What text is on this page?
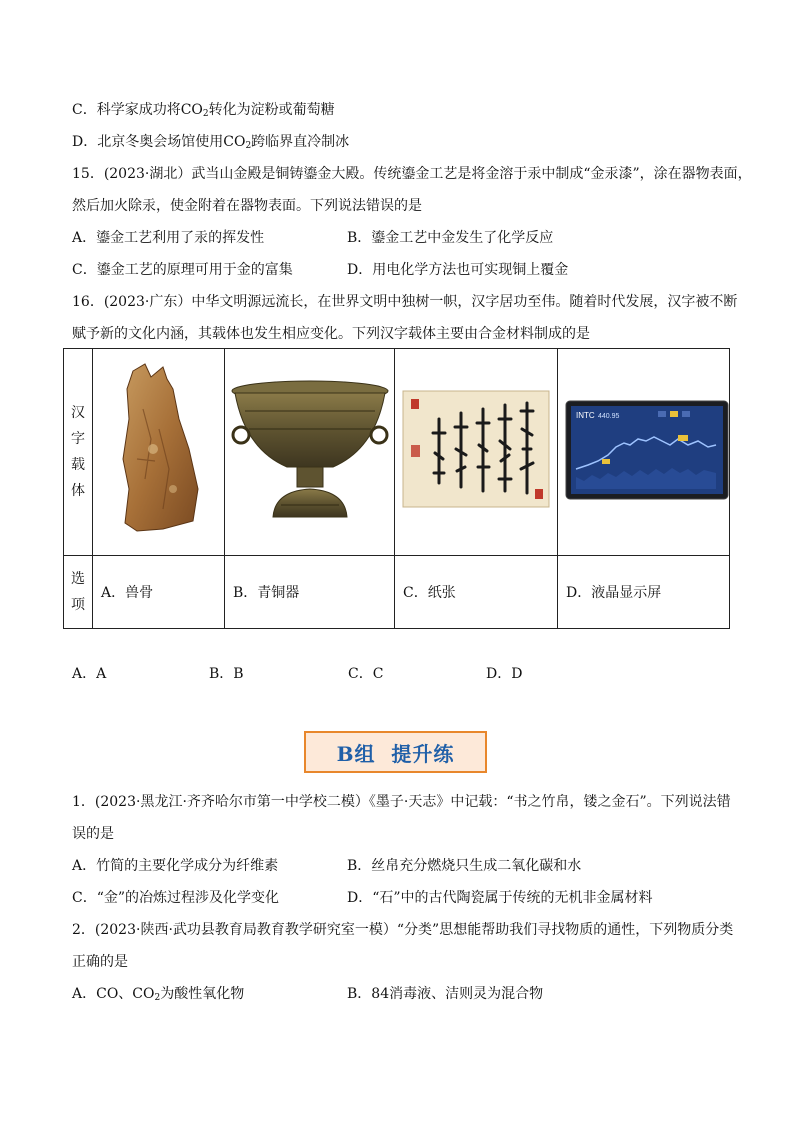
C．科学家成功将$CO_2$转化为淀粉或葡萄糖
D．北京冬奥会场馆使用$CO_2$跨临界直冷制冰
15．(2023·湖北）武当山金殿是铜铸鎏金大殿。传统鎏金工艺是将金溶于汞中制成“金汞漆”，涂在器物表面，
然后加火除汞，使金附着在器物表面。下列说法错误的是
A．鎏金工艺利用了汞的挥发性	B．鎏金工艺中金发生了化学反应
C．鎏金工艺的原理可用于金的富集	D．用电化学方法也可实现铜上覆金
16．(2023·广东）中华文明源远流长，在世界文明中独树一帜，汉字居功至伟。随着时代发展，汉字被不断
赋予新的文化内涵，其载体也发生相应变化。下列汉字载体主要由合金材料制成的是
汉
字
载
体				INTC 440.95

选
项	A．兽骨	B．青铜器	C．纸张	D．液晶显示屏
A．A	B．B	C．C	D．D
B组  提升练
1．(2023·黑龙江·齐齐哈尔市第一中学校二模）《墨子·天志》中记载：“书之竹帛，镂之金石”。下列说法错
误的是
A．竹简的主要化学成分为纤维素	B．丝帛充分燃烧只生成二氧化碳和水
C．“金”的冶炼过程涉及化学变化	D．“石”中的古代陶瓷属于传统的无机非金属材料
2．(2023·陕西·武功县教育局教育教学研究室一模）“分类”思想能帮助我们寻找物质的通性，下列物质分类
正确的是
A．CO、$CO_2$为酸性氧化物	B．84消毒液、洁则灵为混合物
